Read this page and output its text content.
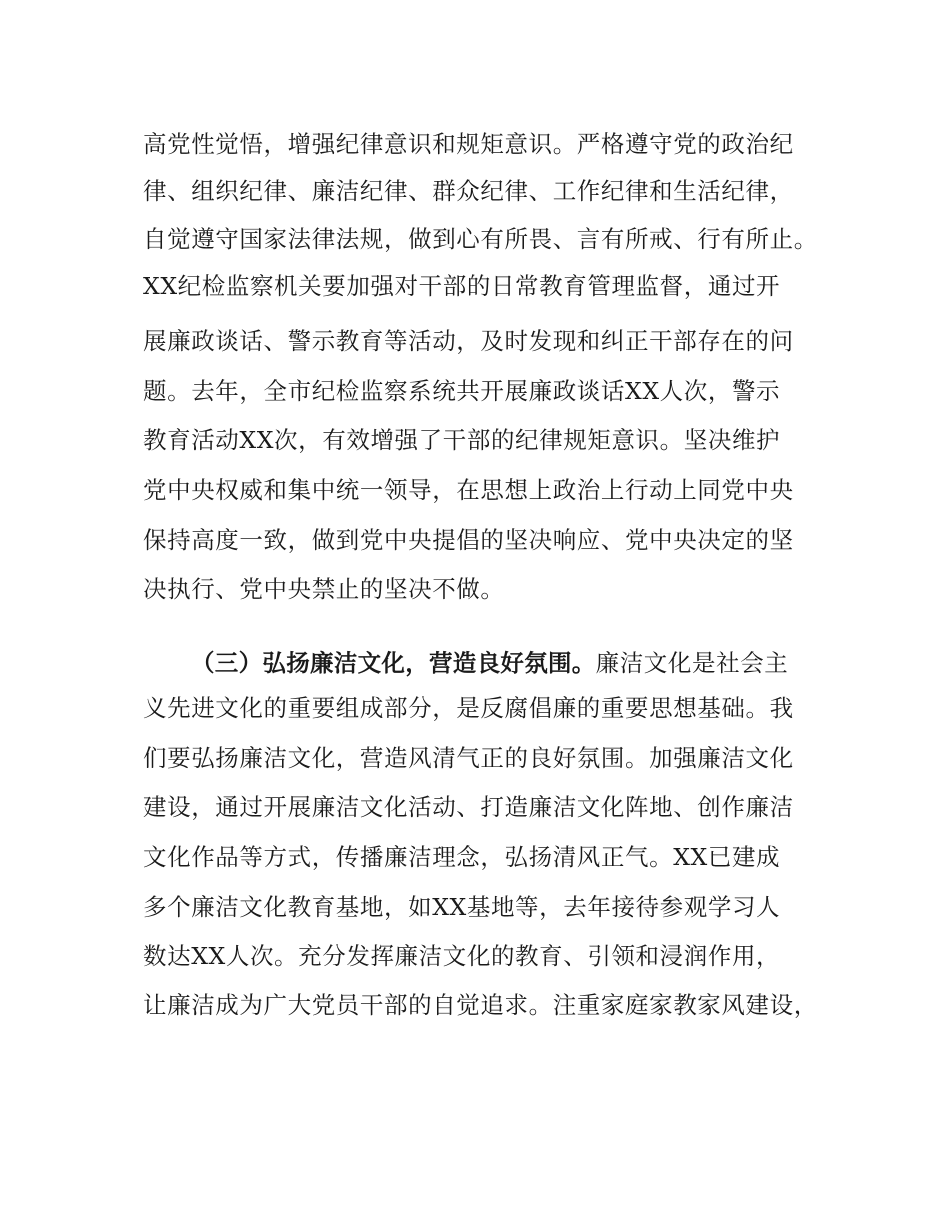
高党性觉悟，增强纪律意识和规矩意识。严格遵守党的政治纪
律、组织纪律、廉洁纪律、群众纪律、工作纪律和生活纪律，
自觉遵守国家法律法规，做到心有所畏、言有所戒、行有所止。
XX纪检监察机关要加强对干部的日常教育管理监督，通过开
展廉政谈话、警示教育等活动，及时发现和纠正干部存在的问
题。去年，全市纪检监察系统共开展廉政谈话XX人次，警示
教育活动XX次，有效增强了干部的纪律规矩意识。坚决维护
党中央权威和集中统一领导，在思想上政治上行动上同党中央
保持高度一致，做到党中央提倡的坚决响应、党中央决定的坚
决执行、党中央禁止的坚决不做。
（三）弘扬廉洁文化，营造良好氛围。廉洁文化是社会主
义先进文化的重要组成部分，是反腐倡廉的重要思想基础。我
们要弘扬廉洁文化，营造风清气正的良好氛围。加强廉洁文化
建设，通过开展廉洁文化活动、打造廉洁文化阵地、创作廉洁
文化作品等方式，传播廉洁理念，弘扬清风正气。XX已建成
多个廉洁文化教育基地，如XX基地等，去年接待参观学习人
数达XX人次。充分发挥廉洁文化的教育、引领和浸润作用，
让廉洁成为广大党员干部的自觉追求。注重家庭家教家风建设，
